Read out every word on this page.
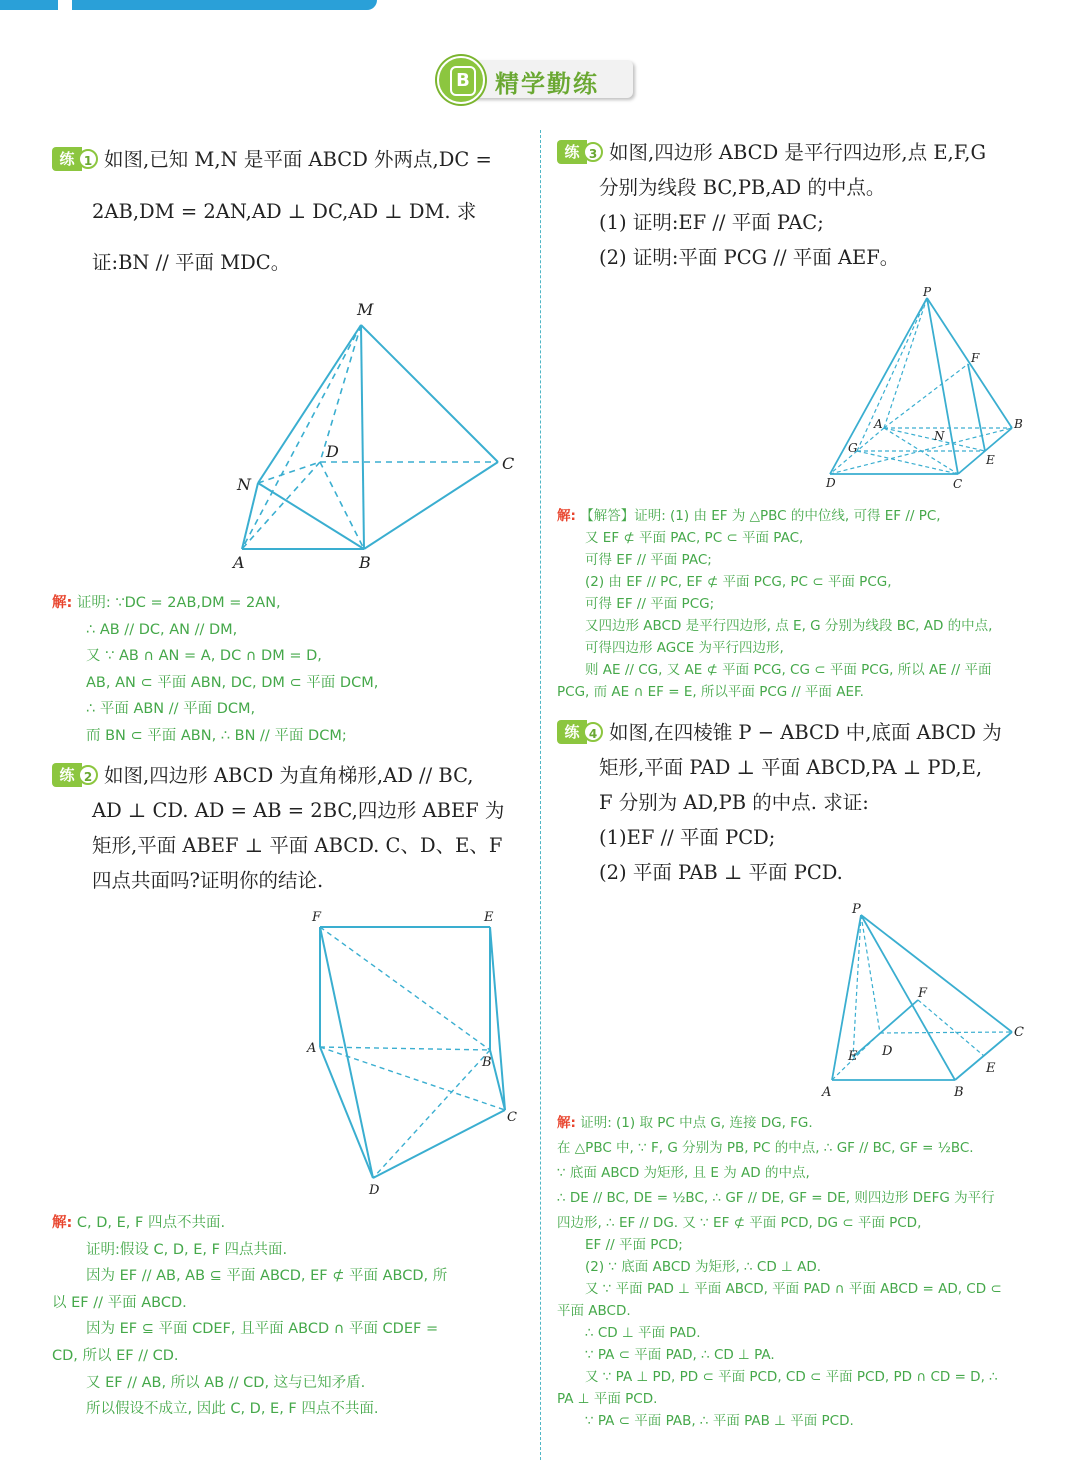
B 精学勤练

练 1 如图,已知 M,N 是平面 ABCD 外两点,DC =

2AB,DM = 2AN,AD ⊥ DC,AD ⊥ DM. 求

证:BN // 平面 MDC。

M
D
C
N
A	B

解: 证明: ∵DC = 2AB,DM = 2AN,

∴ AB // DC, AN // DM,

又 ∵ AB ∩ AN = A, DC ∩ DM = D,

AB, AN ⊂ 平面 ABN, DC, DM ⊂ 平面 DCM,

∴ 平面 ABN // 平面 DCM,

而 BN ⊂ 平面 ABN, ∴ BN // 平面 DCM;

练 2 如图,四边形 ABCD 为直角梯形,AD // BC,

AD ⊥ CD. AD = AB = 2BC,四边形 ABEF 为

矩形,平面 ABEF ⊥ 平面 ABCD. C、D、E、F

四点共面吗?证明你的结论.

F	E
A
B
C
D

解: C, D, E, F 四点不共面.

证明:假设 C, D, E, F 四点共面.

因为 EF // AB, AB ⊆ 平面 ABCD, EF ⊄ 平面 ABCD, 所

以 EF // 平面 ABCD.

因为 EF ⊆ 平面 CDEF, 且平面 ABCD ∩ 平面 CDEF =

CD, 所以 EF // CD.

又 EF // AB, 所以 AB // CD, 这与已知矛盾.

所以假设不成立, 因此 C, D, E, F 四点不共面.

练 3 如图,四边形 ABCD 是平行四边形,点 E,F,G

分别为线段 BC,PB,AD 的中点。

(1) 证明:EF // 平面 PAC;

(2) 证明:平面 PCG // 平面 AEF。

P
F
A
N
B
G
E
D	C

解: 【解答】证明: (1) 由 EF 为 △PBC 的中位线, 可得 EF // PC,

又 EF ⊄ 平面 PAC, PC ⊂ 平面 PAC,

可得 EF // 平面 PAC;

(2) 由 EF // PC, EF ⊄ 平面 PCG, PC ⊂ 平面 PCG,

可得 EF // 平面 PCG;

又四边形 ABCD 是平行四边形, 点 E, G 分别为线段 BC, AD 的中点,

可得四边形 AGCE 为平行四边形,

则 AE // CG, 又 AE ⊄ 平面 PCG, CG ⊂ 平面 PCG, 所以 AE // 平面

PCG, 而 AE ∩ EF = E, 所以平面 PCG // 平面 AEF.

练 4 如图,在四棱锥 P − ABCD 中,底面 ABCD 为

矩形,平面 PAD ⊥ 平面 ABCD,PA ⊥ PD,E,

F 分别为 AD,PB 的中点. 求证:

(1)EF // 平面 PCD;

(2) 平面 PAB ⊥ 平面 PCD.

P
F
C
E D
E
A	B

解: 证明: (1) 取 PC 中点 G, 连接 DG, FG.

在 △PBC 中, ∵ F, G 分别为 PB, PC 的中点, ∴ GF // BC, GF = ½BC.

∵ 底面 ABCD 为矩形, 且 E 为 AD 的中点,

∴ DE // BC, DE = ½BC, ∴ GF // DE, GF = DE, 则四边形 DEFG 为平行

四边形, ∴ EF // DG. 又 ∵ EF ⊄ 平面 PCD, DG ⊂ 平面 PCD,

EF // 平面 PCD;

(2) ∵ 底面 ABCD 为矩形, ∴ CD ⊥ AD.

又 ∵ 平面 PAD ⊥ 平面 ABCD, 平面 PAD ∩ 平面 ABCD = AD, CD ⊂

平面 ABCD.

∴ CD ⊥ 平面 PAD.

∵ PA ⊂ 平面 PAD, ∴ CD ⊥ PA.

又 ∵ PA ⊥ PD, PD ⊂ 平面 PCD, CD ⊂ 平面 PCD, PD ∩ CD = D, ∴

PA ⊥ 平面 PCD.

∵ PA ⊂ 平面 PAB, ∴ 平面 PAB ⊥ 平面 PCD.
